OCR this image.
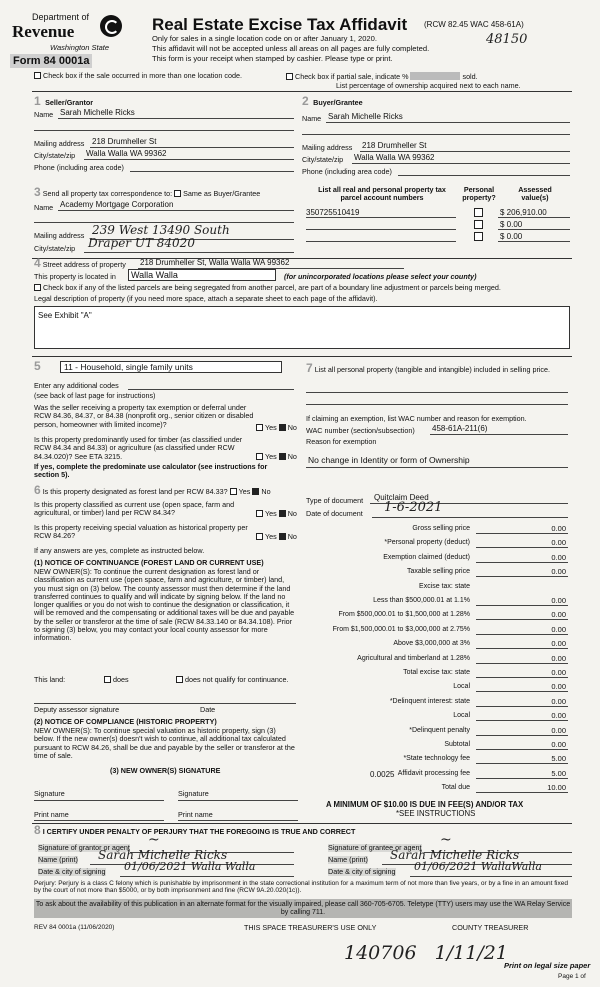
Department of
Revenue
Washington State
Form 84 0001a
Real Estate Excise Tax Affidavit (RCW 82.45 WAC 458-61A)
48150
Only for sales in a single location code on or after January 1, 2020.
This affidavit will not be accepted unless all areas on all pages are fully completed.
This form is your receipt when stamped by cashier. Please type or print.
Check box if the sale occurred in more than one location code.	Check box if partial sale, indicate %	sold.
List percentage of ownership acquired next to each name.
1 Seller/Grantor
Name Sarah Michelle Ricks
Mailing address 218 Drumheller St
City/state/zip Walla Walla WA 99362
Phone (including area code)
2 Buyer/Grantee
Name Sarah Michelle Ricks
Mailing address 218 Drumheller St
City/state/zip Walla Walla WA 99362
Phone (including area code)
3 Send all property tax correspondence to: Same as Buyer/Grantee
Name Academy Mortgage Corporation
Mailing address 239 West 13490 South
City/state/zip Draper UT 84020
List all real and personal property tax parcel account numbers
Personal property?
Assessed value(s)
350725510419	$ 206,910.00
$ 0.00
$ 0.00
4 Street address of property 218 Drumheller St, Walla Walla WA 99362
This property is located in	Walla Walla	(for unincorporated locations please select your county)
Check box if any of the listed parcels are being segregated from another parcel, are part of a boundary line adjustment or parcels being merged.
Legal description of property (if you need more space, attach a separate sheet to each page of the affidavit).
See Exhibit "A"
5	11 - Household, single family units
Enter any additional codes
(see back of last page for instructions)
Was the seller receiving a property tax exemption or deferral under RCW 84.36, 84.37, or 84.38 (nonprofit org., senior citizen or disabled person, homeowner with limited income)?	Yes No
Is this property predominantly used for timber (as classified under RCW 84.34 and 84.33) or agriculture (as classified under RCW 84.34.020)? See ETA 3215.	Yes No
If yes, complete the predominate use calculator (see instructions for section 5).
6 Is this property designated as forest land per RCW 84.33? Yes No
Is this property classified as current use (open space, farm and agricultural, or timber) land per RCW 84.34?	Yes No
Is this property receiving special valuation as historical property per RCW 84.26?	Yes No
If any answers are yes, complete as instructed below.
(1) NOTICE OF CONTINUANCE (FOREST LAND OR CURRENT USE)
NEW OWNER(S): To continue the current designation as forest land or classification as current use (open space, farm and agriculture, or timber) land, you must sign on (3) below. The county assessor must then determine if the land transferred continues to qualify and will indicate by signing below. If the land no longer qualifies or you do not wish to continue the designation or classification, it will be removed and the compensating or additional taxes will be due and payable by the seller or transferor at the time of sale (RCW 84.33.140 or 84.34.108). Prior to signing (3) below, you may contact your local county assessor for more information.
This land:	does	does not qualify for continuance.
Deputy assessor signature	Date
(2) NOTICE OF COMPLIANCE (HISTORIC PROPERTY)
NEW OWNER(S): To continue special valuation as historic property, sign (3) below. If the new owner(s) doesn't wish to continue, all additional tax calculated pursuant to RCW 84.26, shall be due and payable by the seller or transferor at the time of sale.
(3) NEW OWNER(S) SIGNATURE
Signature	Signature
Print name	Print name
7 List all personal property (tangible and intangible) included in selling price.
If claiming an exemption, list WAC number and reason for exemption.
WAC number (section/subsection) 458-61A-211(6)
Reason for exemption
No change in Identity or form of Ownership
Type of document Quitclaim Deed
Date of document 1-6-2021
Gross selling price	0.00
*Personal property (deduct)	0.00
Exemption claimed (deduct)	0.00
Taxable selling price	0.00
Excise tax: state
Less than $500,000.01 at 1.1%	0.00
From $500,000.01 to $1,500,000 at 1.28%	0.00
From $1,500,000.01 to $3,000,000 at 2.75%	0.00
Above $3,000,000 at 3%	0.00
Agricultural and timberland at 1.28%	0.00
Total excise tax: state	0.00
Local	0.00
*Delinquent interest: state	0.00
Local	0.00
*Delinquent penalty	0.00
Subtotal	0.00
*State technology fee	5.00
Affidavit processing fee	5.00
Total due	10.00
0.0025
A MINIMUM OF $10.00 IS DUE IN FEE(S) AND/OR TAX
*SEE INSTRUCTIONS
8 I CERTIFY UNDER PENALTY OF PERJURY THAT THE FOREGOING IS TRUE AND CORRECT
Signature of grantor or agent ~
Name (print) Sarah Michelle Ricks
Date & city of signing 01/06/2021 Walla Walla
Signature of grantee or agent ~
Name (print) Sarah Michelle Ricks
Date & city of signing 01/06/2021 WallaWalla
Perjury: Perjury is a class C felony which is punishable by imprisonment in the state correctional institution for a maximum term of not more than five years, or by a fine in an amount fixed by the court of not more than $5000, or by both imprisonment and fine (RCW 9A.20.020(1c)).
To ask about the availability of this publication in an alternate format for the visually impaired, please call 360-705-6705. Teletype (TTY) users may use the WA Relay Service by calling 711.
REV 84 0001a (11/06/2020)	THIS SPACE TREASURER'S USE ONLY	COUNTY TREASURER
140706   1/11/21
Print on legal size paper
Page 1 of
